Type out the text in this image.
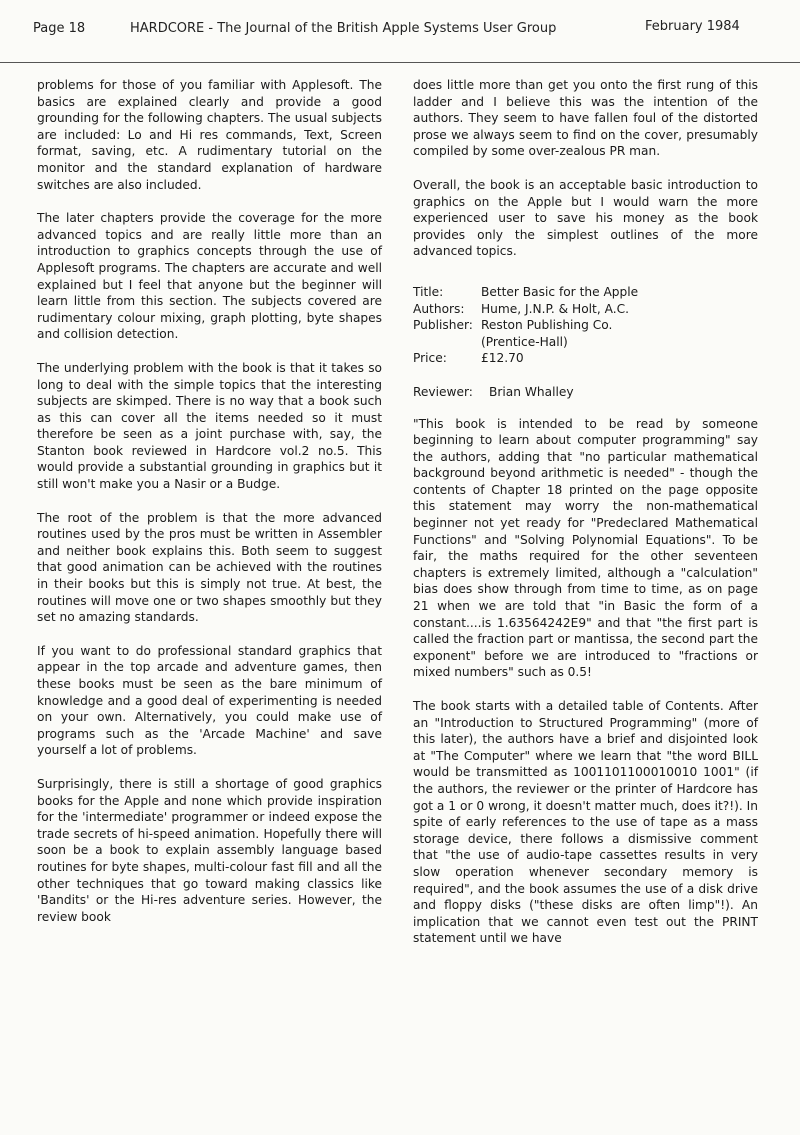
Page 18	HARDCORE - The Journal of the British Apple Systems User Group	February 1984

problems for those of you familiar with Applesoft. The basics are explained clearly and provide a good grounding for the following chapters. The usual subjects are included: Lo and Hi res commands, Text, Screen format, saving, etc. A rudimentary tutorial on the monitor and the standard explanation of hardware switches are also included.

The later chapters provide the coverage for the more advanced topics and are really little more than an introduction to graphics concepts through the use of Applesoft programs. The chapters are accurate and well explained but I feel that anyone but the beginner will learn little from this section. The subjects covered are rudimentary colour mixing, graph plotting, byte shapes and collision detection.

The underlying problem with the book is that it takes so long to deal with the simple topics that the interesting subjects are skimped. There is no way that a book such as this can cover all the items needed so it must therefore be seen as a joint purchase with, say, the Stanton book reviewed in Hardcore vol.2 no.5. This would provide a substantial grounding in graphics but it still won't make you a Nasir or a Budge.

The root of the problem is that the more advanced routines used by the pros must be written in Assembler and neither book explains this. Both seem to suggest that good animation can be achieved with the routines in their books but this is simply not true. At best, the routines will move one or two shapes smoothly but they set no amazing standards.

If you want to do professional standard graphics that appear in the top arcade and adventure games, then these books must be seen as the bare minimum of knowledge and a good deal of experimenting is needed on your own. Alternatively, you could make use of programs such as the 'Arcade Machine' and save yourself a lot of problems.

Surprisingly, there is still a shortage of good graphics books for the Apple and none which provide inspiration for the 'intermediate' programmer or indeed expose the trade secrets of hi-speed animation. Hopefully there will soon be a book to explain assembly language based routines for byte shapes, multi-colour fast fill and all the other techniques that go toward making classics like 'Bandits' or the Hi-res adventure series. However, the review book

does little more than get you onto the first rung of this ladder and I believe this was the intention of the authors. They seem to have fallen foul of the distorted prose we always seem to find on the cover, presumably compiled by some over-zealous PR man.

Overall, the book is an acceptable basic introduction to graphics on the Apple but I would warn the more experienced user to save his money as the book provides only the simplest outlines of the more advanced topics.

Title:	Better Basic for the Apple
Authors:	Hume, J.N.P. & Holt, A.C.
Publisher: Reston Publishing Co.
(Prentice-Hall)
Price:	£12.70
Reviewer:	Brian Whalley

"This book is intended to be read by someone beginning to learn about computer programming" say the authors, adding that "no particular mathematical background beyond arithmetic is needed" - though the contents of Chapter 18 printed on the page opposite this statement may worry the non-mathematical beginner not yet ready for "Predeclared Mathematical Functions" and "Solving Polynomial Equations". To be fair, the maths required for the other seventeen chapters is extremely limited, although a "calculation" bias does show through from time to time, as on page 21 when we are told that "in Basic the form of a constant....is 1.63564242E9" and that "the first part is called the fraction part or mantissa, the second part the exponent" before we are introduced to "fractions or mixed numbers" such as 0.5!

The book starts with a detailed table of Contents. After an "Introduction to Structured Programming" (more of this later), the authors have a brief and disjointed look at "The Computer" where we learn that "the word BILL would be transmitted as 1001101100010010 1001" (if the authors, the reviewer or the printer of Hardcore has got a 1 or 0 wrong, it doesn't matter much, does it?!). In spite of early references to the use of tape as a mass storage device, there follows a dismissive comment that "the use of audio-tape cassettes results in very slow operation whenever secondary memory is required", and the book assumes the use of a disk drive and floppy disks ("these disks are often limp"!). An implication that we cannot even test out the PRINT statement until we have
